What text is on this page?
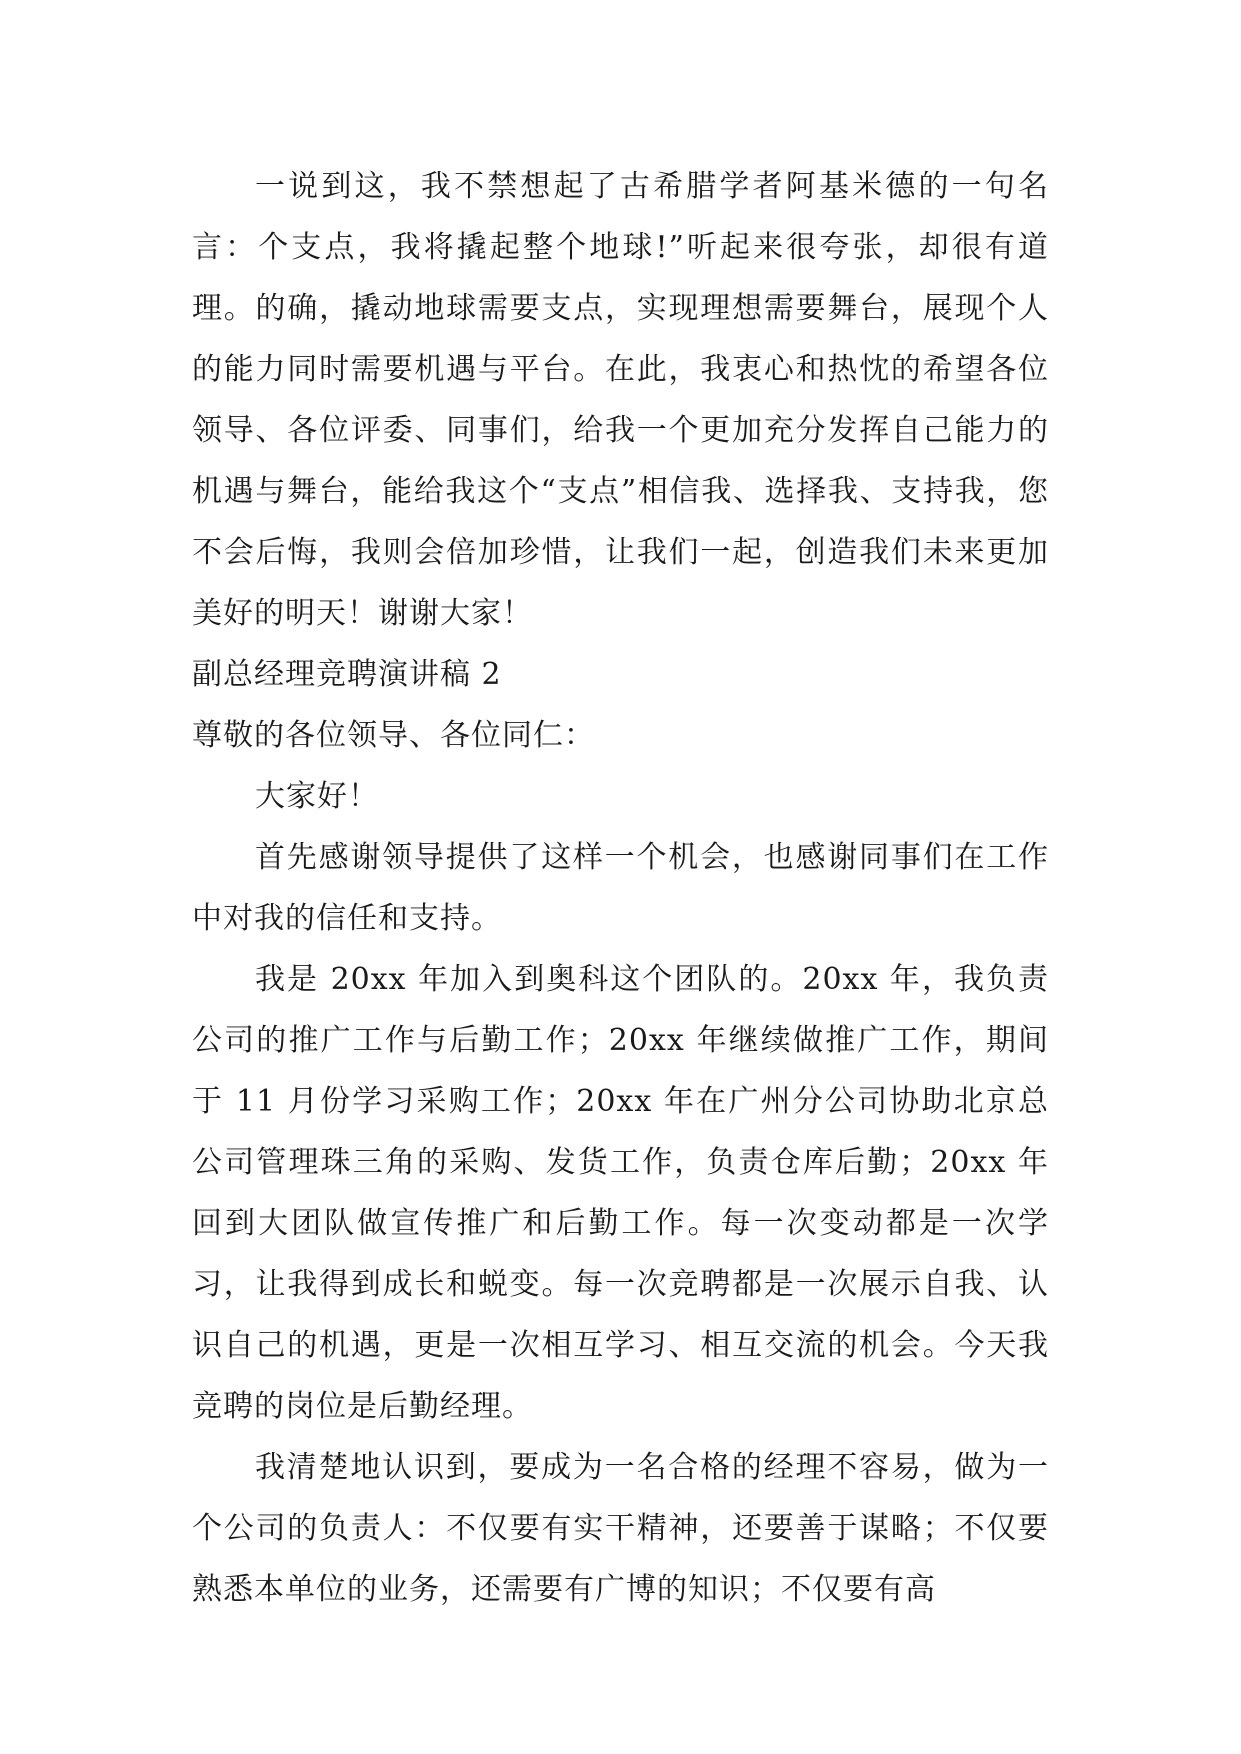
一说到这，我不禁想起了古希腊学者阿基米德的一句名言：个支点，我将撬起整个地球!”听起来很夸张，却很有道理。的确，撬动地球需要支点，实现理想需要舞台，展现个人的能力同时需要机遇与平台。在此，我衷心和热忱的希望各位领导、各位评委、同事们，给我一个更加充分发挥自己能力的机遇与舞台，能给我这个“支点”相信我、选择我、支持我，您不会后悔，我则会倍加珍惜，让我们一起，创造我们未来更加美好的明天！谢谢大家！

副总经理竞聘演讲稿 2

尊敬的各位领导、各位同仁：

大家好！

首先感谢领导提供了这样一个机会，也感谢同事们在工作中对我的信任和支持。

我是 20xx 年加入到奥科这个团队的。20xx 年，我负责公司的推广工作与后勤工作；20xx 年继续做推广工作，期间于 11 月份学习采购工作；20xx 年在广州分公司协助北京总公司管理珠三角的采购、发货工作，负责仓库后勤；20xx 年回到大团队做宣传推广和后勤工作。每一次变动都是一次学习，让我得到成长和蜕变。每一次竞聘都是一次展示自我、认识自己的机遇，更是一次相互学习、相互交流的机会。今天我竞聘的岗位是后勤经理。

我清楚地认识到，要成为一名合格的经理不容易，做为一个公司的负责人：不仅要有实干精神，还要善于谋略；不仅要熟悉本单位的业务，还需要有广博的知识；不仅要有高
